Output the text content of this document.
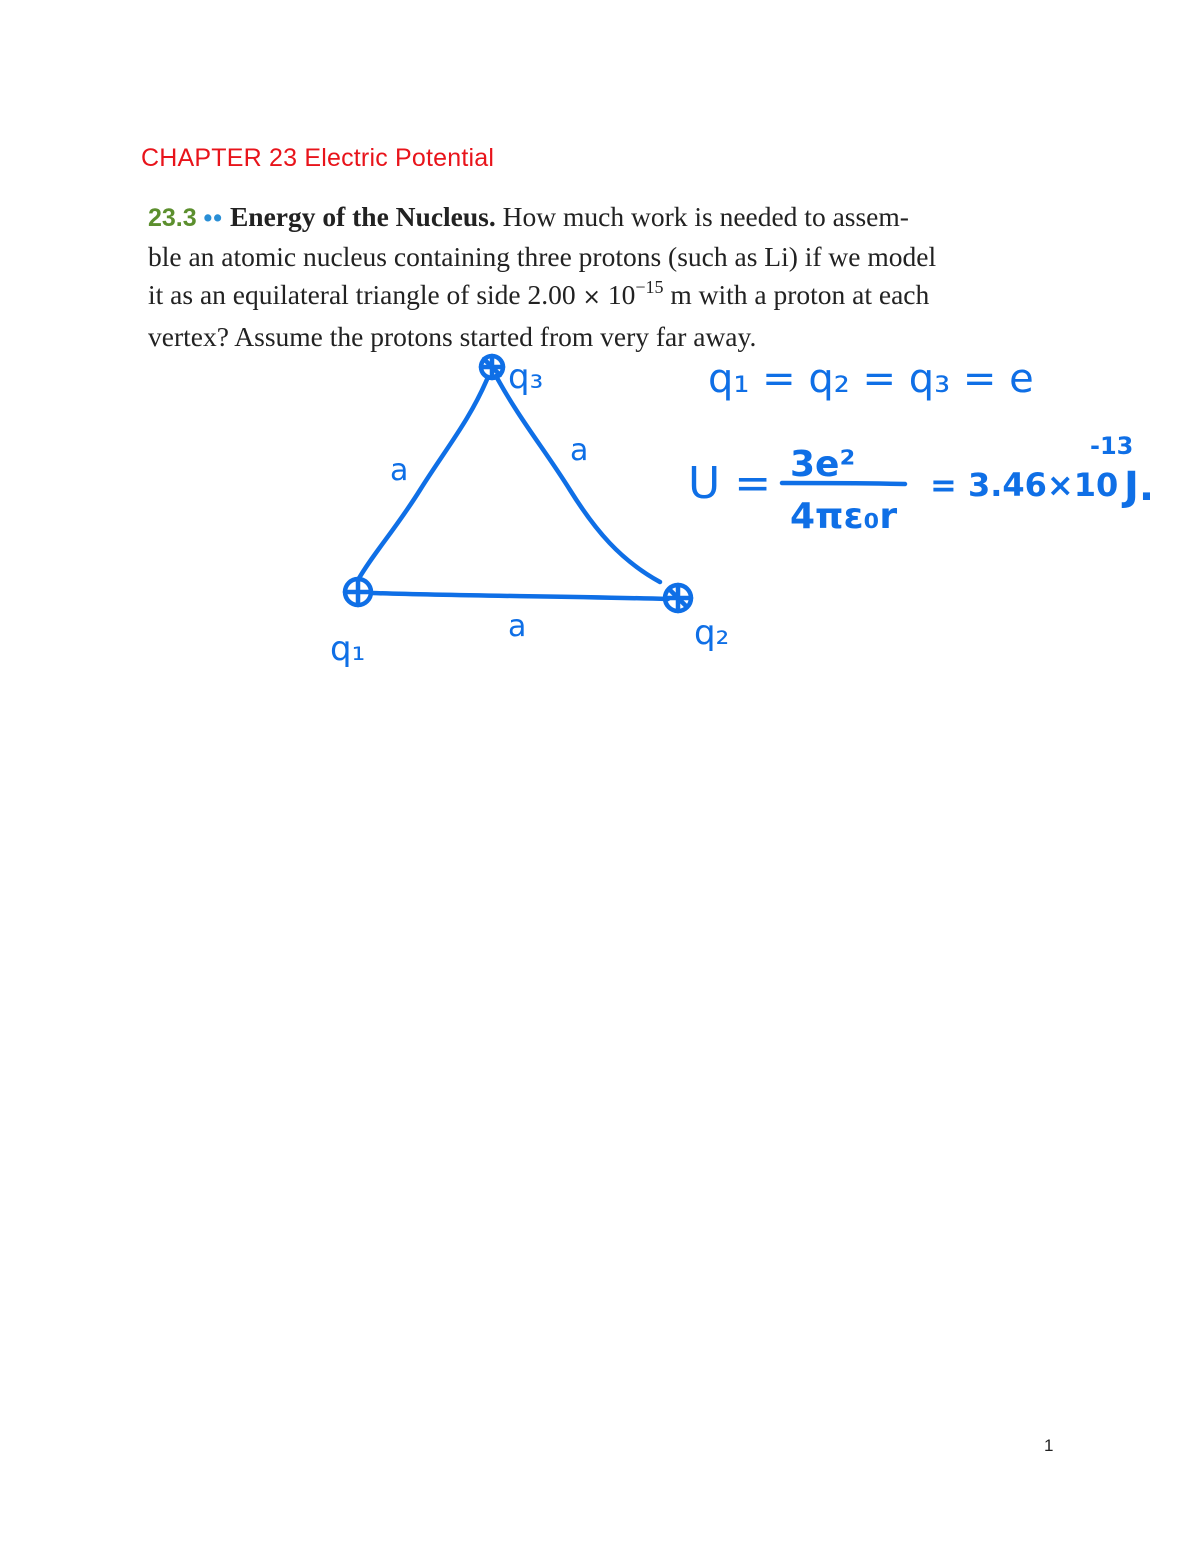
CHAPTER 23 Electric Potential
23.3 •• Energy of the Nucleus. How much work is needed to assem-
ble an atomic nucleus containing three protons (such as Li) if we model
it as an equilateral triangle of side $2.00 \times 10^{-15}$ m with a proton at each
vertex? Assume the protons started from very far away.
q₁	q₂
q₃
a
a
a
q₁ = q₂ = q₃ = e
U = 3e²
4πε₀r
= 3.46×10
-13
J.
1
